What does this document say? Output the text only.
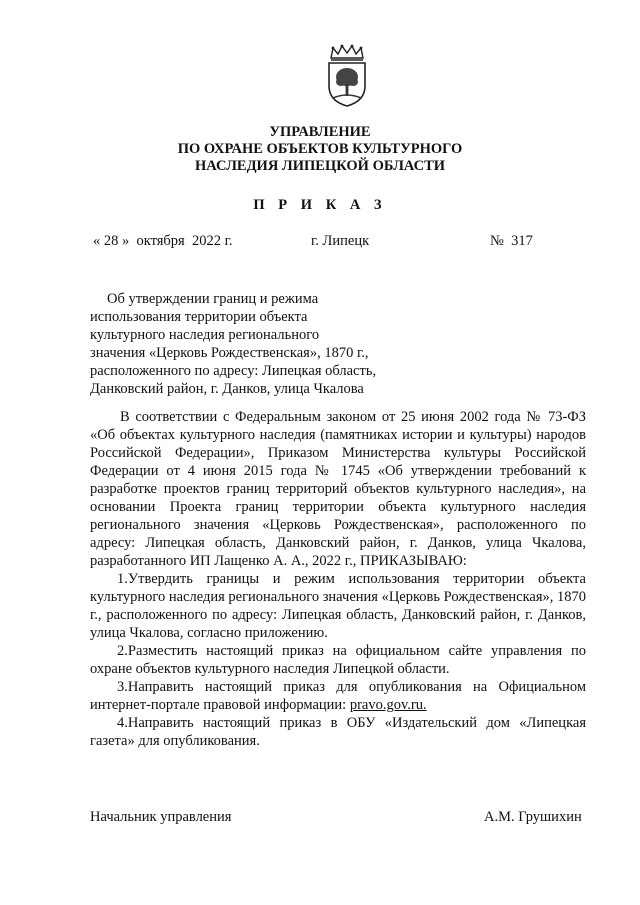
УПРАВЛЕНИЕ
ПО ОХРАНЕ ОБЪЕКТОВ КУЛЬТУРНОГО
НАСЛЕДИЯ ЛИПЕЦКОЙ ОБЛАСТИ
П Р И К А З
« 28 »  октября  2022 г.	г. Липецк	№  317
Об утверждении границ и режима
использования территории объекта
культурного наследия регионального
значения «Церковь Рождественская», 1870 г.,
расположенного по адресу: Липецкая область,
Данковский район, г. Данков, улица Чкалова

В соответствии с Федеральным законом от 25 июня 2002 года № 73-ФЗ «Об объектах культурного наследия (памятниках истории и культуры) народов Российской Федерации», Приказом Министерства культуры Российской Федерации от 4 июня 2015 года № 1745 «Об утверждении требований к разработке проектов границ территорий объектов культурного наследия», на основании Проекта границ территории объекта культурного наследия регионального значения «Церковь Рождественская», расположенного по адресу: Липецкая область, Данковский район, г. Данков, улица Чкалова, разработанного ИП Лащенко А. А., 2022 г., ПРИКАЗЫВАЮ:

1.Утвердить границы и режим использования территории объекта культурного наследия регионального значения «Церковь Рождественская», 1870 г., расположенного по адресу: Липецкая область, Данковский район, г. Данков, улица Чкалова, согласно приложению.

2.Разместить настоящий приказ на официальном сайте управления по охране объектов культурного наследия Липецкой области.

3.Направить настоящий приказ для опубликования на Официальном интернет-портале правовой информации: pravo.gov.ru.

4.Направить настоящий приказ в ОБУ «Издательский дом «Липецкая газета» для опубликования.

Начальник управления	А.М. Грушихин
